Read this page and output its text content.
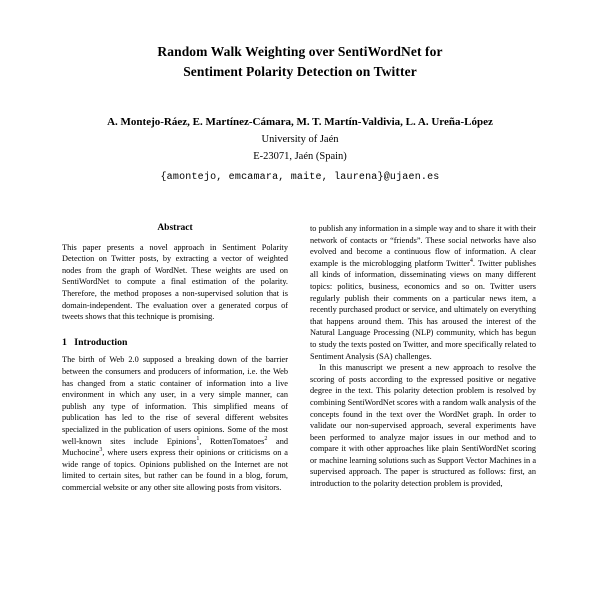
Random Walk Weighting over SentiWordNet for
Sentiment Polarity Detection on Twitter
A. Montejo-Ráez, E. Martínez-Cámara, M. T. Martín-Valdivia, L. A. Ureña-López
University of Jaén
E-23071, Jaén (Spain)
{amontejo, emcamara, maite, laurena}@ujaen.es
Abstract

This paper presents a novel approach in Sentiment Polarity Detection on Twitter posts, by extracting a vector of weighted nodes from the graph of WordNet. These weights are used on SentiWordNet to compute a final estimation of the polarity. Therefore, the method proposes a non-supervised solution that is domain-independent. The evaluation over a generated corpus of tweets shows that this technique is promising.

1 Introduction

The birth of Web 2.0 supposed a breaking down of the barrier between the consumers and producers of information, i.e. the Web has changed from a static container of information into a live environment in which any user, in a very simple manner, can publish any type of information. This simplified means of publication has led to the rise of several different websites specialized in the publication of users opinions. Some of the most well-known sites include Epinions$^1$, RottenTomatoes$^2$ and Muchocine$^3$, where users express their opinions or criticisms on a wide range of topics. Opinions published on the Internet are not limited to certain sites, but rather can be found in a blog, forum, commercial website or any other site allowing posts from visitors.

to publish any information in a simple way and to share it with their network of contacts or “friends”. These social networks have also evolved and become a continuous flow of information. A clear example is the microblogging platform Twitter$^4$. Twitter publishes all kinds of information, disseminating views on many different topics: politics, business, economics and so on. Twitter users regularly publish their comments on a particular news item, a recently purchased product or service, and ultimately on everything that happens around them. This has aroused the interest of the Natural Language Processing (NLP) community, which has begun to study the texts posted on Twitter, and more specifically related to Sentiment Analysis (SA) challenges.

In this manuscript we present a new approach to resolve the scoring of posts according to the expressed positive or negative degree in the text. This polarity detection problem is resolved by combining SentiWordNet scores with a random walk analysis of the concepts found in the text over the WordNet graph. In order to validate our non-supervised approach, several experiments have been performed to analyze major issues in our method and to compare it with other approaches like plain SentiWordNet scoring or machine learning solutions such as Support Vector Machines in a supervised approach. The paper is structured as follows: first, an introduction to the polarity detection problem is provided,
